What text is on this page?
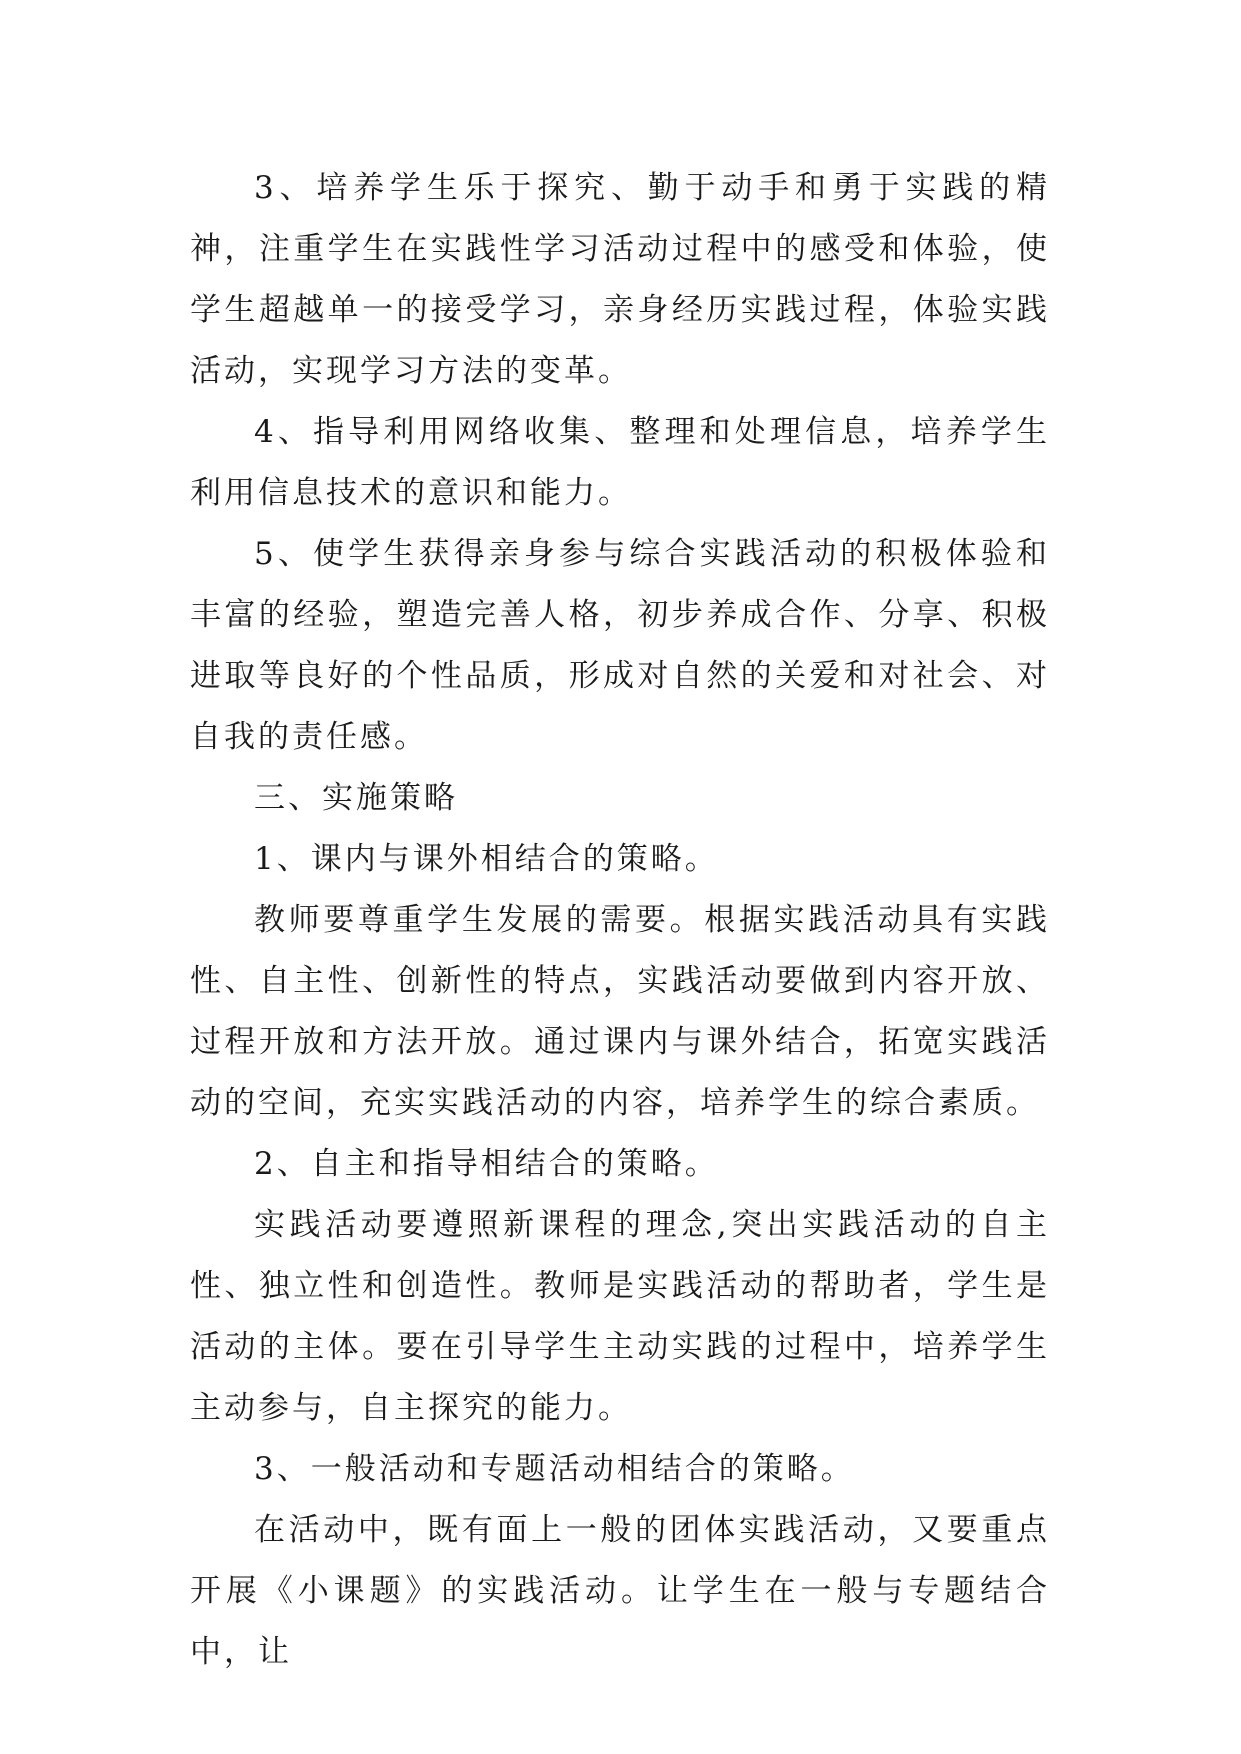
3、培养学生乐于探究、勤于动手和勇于实践的精神，注重学生在实践性学习活动过程中的感受和体验，使学生超越单一的接受学习，亲身经历实践过程，体验实践活动，实现学习方法的变革。

4、指导利用网络收集、整理和处理信息，培养学生利用信息技术的意识和能力。

5、使学生获得亲身参与综合实践活动的积极体验和丰富的经验，塑造完善人格，初步养成合作、分享、积极进取等良好的个性品质，形成对自然的关爱和对社会、对自我的责任感。

三、实施策略

1、课内与课外相结合的策略。

教师要尊重学生发展的需要。根据实践活动具有实践性、自主性、创新性的特点，实践活动要做到内容开放、过程开放和方法开放。通过课内与课外结合，拓宽实践活动的空间，充实实践活动的内容，培养学生的综合素质。

2、自主和指导相结合的策略。

实践活动要遵照新课程的理念,突出实践活动的自主性、独立性和创造性。教师是实践活动的帮助者，学生是活动的主体。要在引导学生主动实践的过程中，培养学生主动参与，自主探究的能力。

3、一般活动和专题活动相结合的策略。

在活动中，既有面上一般的团体实践活动，又要重点开展《小课题》的实践活动。让学生在一般与专题结合中，让
